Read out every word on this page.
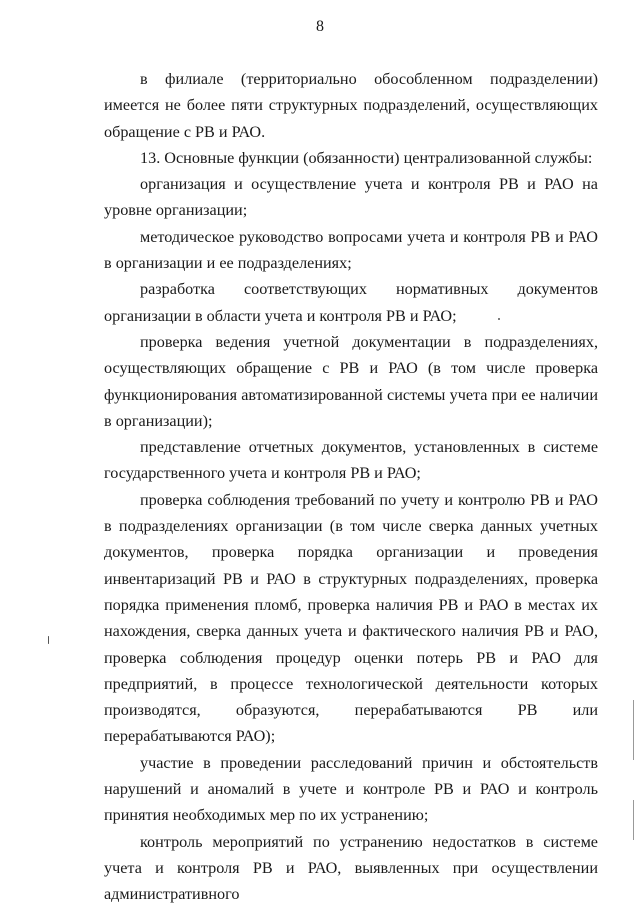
8

в филиале (территориально обособленном подразделении) имеется не более пяти структурных подразделений, осуществляющих обращение с РВ и РАО.

13. Основные функции (обязанности) централизованной службы:

организация и осуществление учета и контроля РВ и РАО на уровне организации;

методическое руководство вопросами учета и контроля РВ и РАО в организации и ее подразделениях;

разработка соответствующих нормативных документов организации в области учета и контроля РВ и РАО;

проверка ведения учетной документации в подразделениях, осуществляющих обращение с РВ и РАО (в том числе проверка функционирования автоматизированной системы учета при ее наличии в организации);

представление отчетных документов, установленных в системе государственного учета и контроля РВ и РАО;

проверка соблюдения требований по учету и контролю РВ и РАО в подразделениях организации (в том числе сверка данных учетных документов, проверка порядка организации и проведения инвентаризаций РВ и РАО в структурных подразделениях, проверка порядка применения пломб, проверка наличия РВ и РАО в местах их нахождения, сверка данных учета и фактического наличия РВ и РАО, проверка соблюдения процедур оценки потерь РВ и РАО для предприятий, в процессе технологической деятельности которых производятся, образуются, перерабатываются РВ или перерабатываются РАО);

участие в проведении расследований причин и обстоятельств нарушений и аномалий в учете и контроле РВ и РАО и контроль принятия необходимых мер по их устранению;

контроль мероприятий по устранению недостатков в системе учета и контроля РВ и РАО, выявленных при осуществлении административного
